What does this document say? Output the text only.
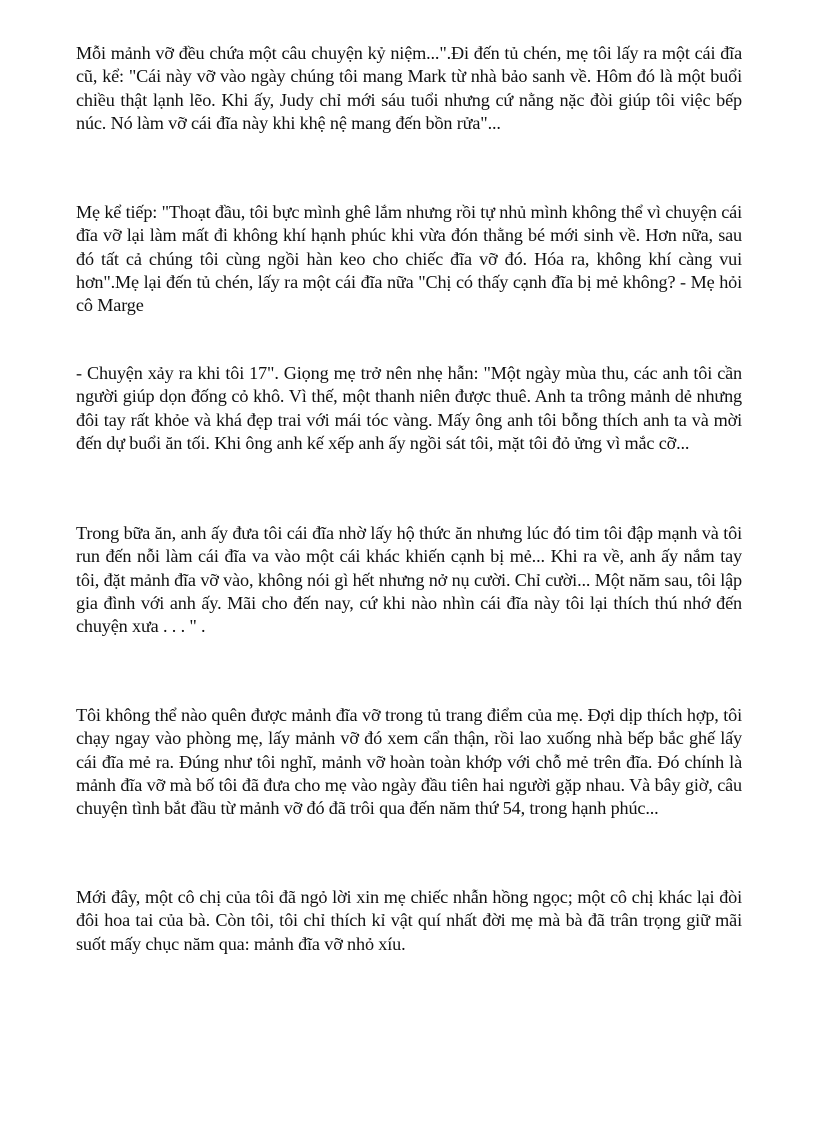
Mỗi mảnh vỡ đều chứa một câu chuyện kỷ niệm...".Đi đến tủ chén, mẹ tôi lấy ra một cái đĩa cũ, kể: "Cái này vỡ vào ngày chúng tôi mang Mark từ nhà bảo sanh về. Hôm đó là một buổi chiều thật lạnh lẽo. Khi ấy, Judy chỉ mới sáu tuổi nhưng cứ nằng nặc đòi giúp tôi việc bếp núc. Nó làm vỡ cái đĩa này khi khệ nệ mang đến bồn rửa"...

Mẹ kể tiếp: "Thoạt đầu, tôi bực mình ghê lắm nhưng rồi tự nhủ mình không thể vì chuyện cái đĩa vỡ lại làm mất đi không khí hạnh phúc khi vừa đón thằng bé mới sinh về. Hơn nữa, sau đó tất cả chúng tôi cùng ngồi hàn keo cho chiếc đĩa vỡ đó. Hóa ra, không khí càng vui hơn".Mẹ lại đến tủ chén, lấy ra một cái đĩa nữa "Chị có thấy cạnh đĩa bị mẻ không? - Mẹ hỏi cô Marge

- Chuyện xảy ra khi tôi 17". Giọng mẹ trở nên nhẹ hẫn: "Một ngày mùa thu, các anh tôi cần người giúp dọn đống cỏ khô. Vì thế, một thanh niên được thuê. Anh ta trông mảnh dẻ nhưng đôi tay rất khỏe và khá đẹp trai với mái tóc vàng. Mấy ông anh tôi bỗng thích anh ta và mời đến dự buổi ăn tối. Khi ông anh kế xếp anh ấy ngồi sát tôi, mặt tôi đỏ ửng vì mắc cỡ...

Trong bữa ăn, anh ấy đưa tôi cái đĩa nhờ lấy hộ thức ăn nhưng lúc đó tim tôi đập mạnh và tôi run đến nỗi làm cái đĩa va vào một cái khác khiến cạnh bị mẻ... Khi ra về, anh ấy nắm tay tôi, đặt mảnh đĩa vỡ vào, không nói gì hết nhưng nở nụ cười. Chỉ cười... Một năm sau, tôi lập gia đình với anh ấy. Mãi cho đến nay, cứ khi nào nhìn cái đĩa này tôi lại thích thú nhớ đến chuyện xưa . . . " .

Tôi không thể nào quên được mảnh đĩa vỡ trong tủ trang điểm của mẹ. Đợi dịp thích hợp, tôi chạy ngay vào phòng mẹ, lấy mảnh vỡ đó xem cẩn thận, rồi lao xuống nhà bếp bắc ghế lấy cái đĩa mẻ ra. Đúng như tôi nghĩ, mảnh vỡ hoàn toàn khớp với chỗ mẻ trên đĩa. Đó chính là mảnh đĩa vỡ mà bố tôi đã đưa cho mẹ vào ngày đầu tiên hai người gặp nhau. Và bây giờ, câu chuyện tình bắt đầu từ mảnh vỡ đó đã trôi qua đến năm thứ 54, trong hạnh phúc...

Mới đây, một cô chị của tôi đã ngỏ lời xin mẹ chiếc nhẫn hồng ngọc; một cô chị khác lại đòi đôi hoa tai của bà. Còn tôi, tôi chỉ thích kỉ vật quí nhất đời mẹ mà bà đã trân trọng giữ mãi suốt mấy chục năm qua: mảnh đĩa vỡ nhỏ xíu.
